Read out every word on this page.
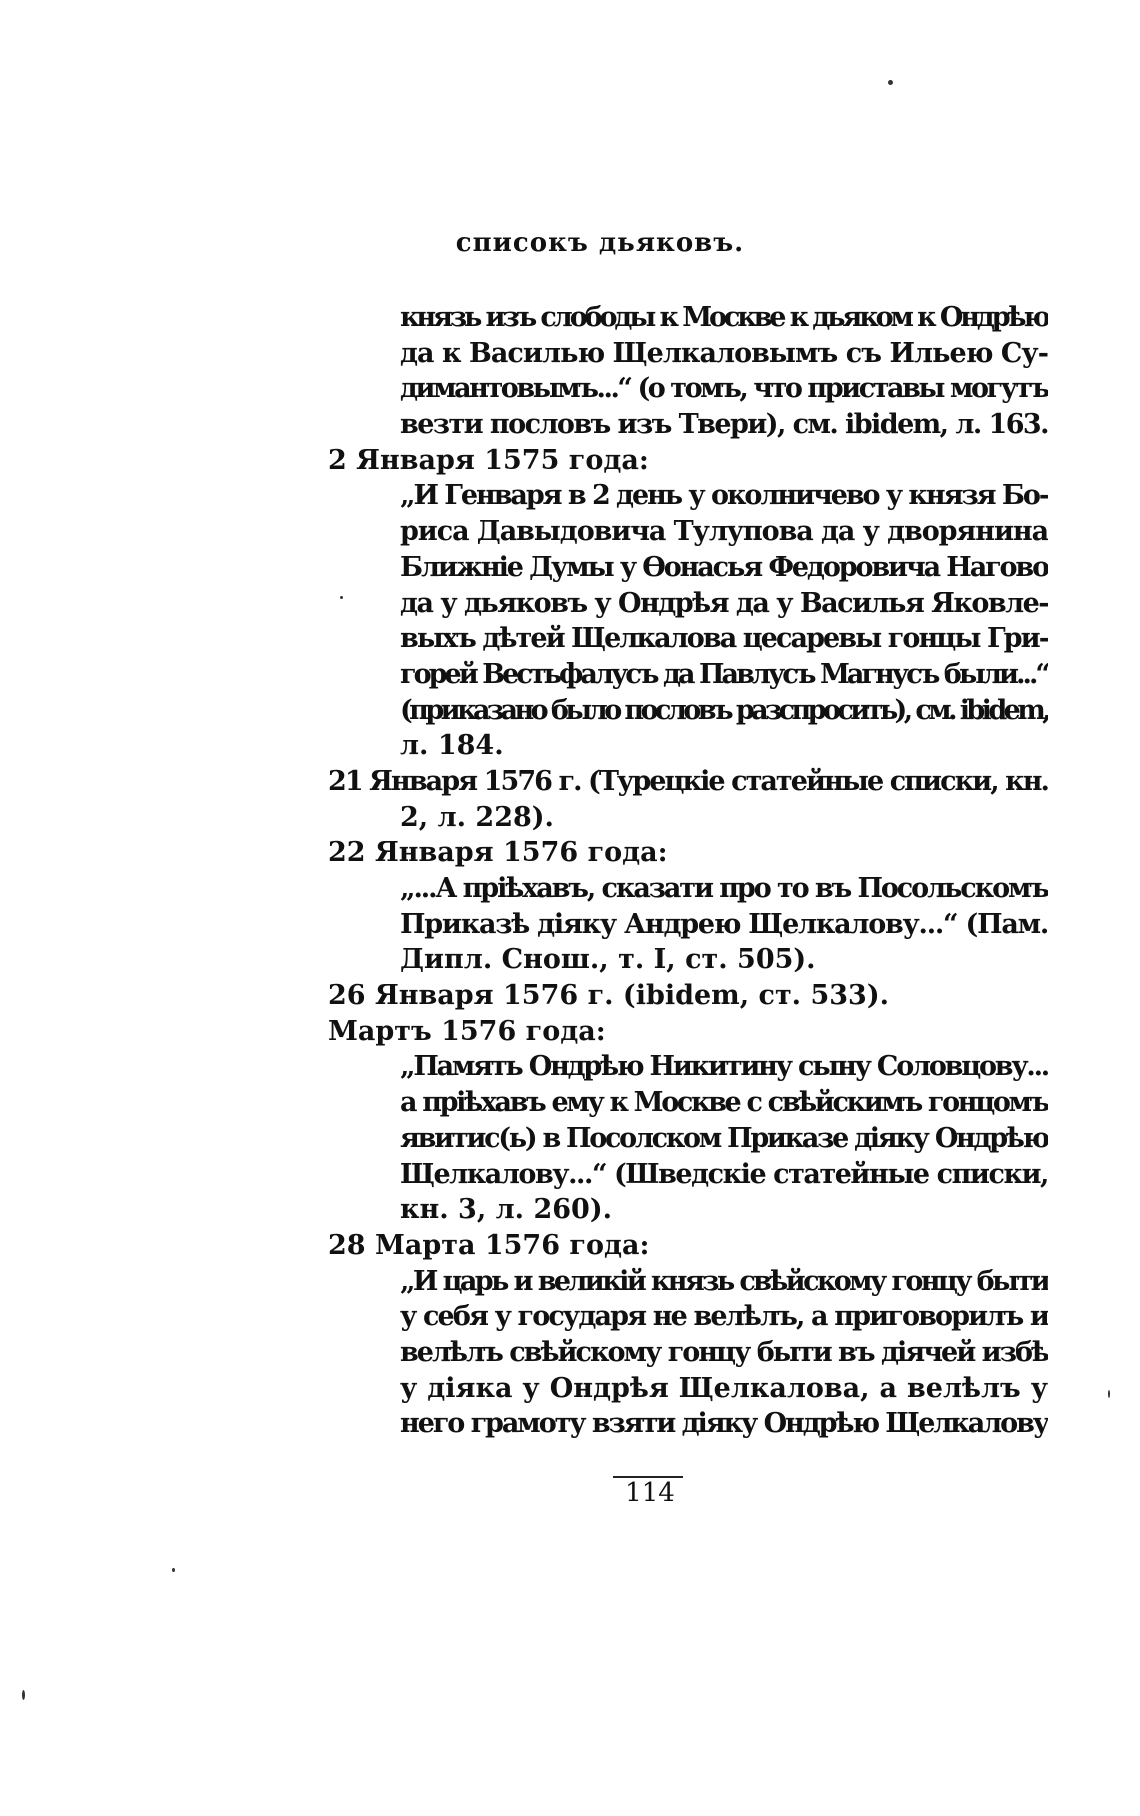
списокъ дьяковъ.
князь изъ слободы к Москве к дьяком к Ондрѣю
да к Василью Щелкаловымъ съ Ильею Су-
димантовымъ...“ (о томъ, что приставы могутъ
везти пословъ изъ Твери), см. ibidem, л. 163.
2 Января 1575 года:
„И Генваря в 2 день у околничево у князя Бо-
риса Давыдовича Тулупова да у дворянина
Ближніе Думы у Ѳонасья Федоровича Нагово
да у дьяковъ у Ондрѣя да у Василья Яковле-
выхъ дѣтей Щелкалова цесаревы гонцы Гри-
горей Вестьфалусъ да Павлусъ Магнусъ были...“
(приказано было пословъ разспросить), см. ibidem,
л. 184.
21 Января 1576 г. (Турецкіе статейные списки, кн.
2, л. 228).
22 Января 1576 года:
„...А пріѣхавъ, сказати про то въ Посольскомъ
Приказѣ діяку Андрею Щелкалову...“ (Пам.
Дипл. Снош., т. I, ст. 505).
26 Января 1576 г. (ibidem, ст. 533).
Мартъ 1576 года:
„Память Ондрѣю Никитину сыну Соловцову...
а пріѣхавъ ему к Москве с свѣйскимъ гонцомъ
явитис(ь) в Посолском Приказе діяку Ондрѣю
Щелкалову...“ (Шведскіе статейные списки,
кн. 3, л. 260).
28 Марта 1576 года:
„И царь и великій князь свѣйскому гонцу быти
у себя у государя не велѣлъ, а приговорилъ и
велѣлъ свѣйскому гонцу быти въ діячей избѣ
у діяка у Ондрѣя Щелкалова, а велѣлъ у
него грамоту взяти діяку Ондрѣю Щелкалову
114
